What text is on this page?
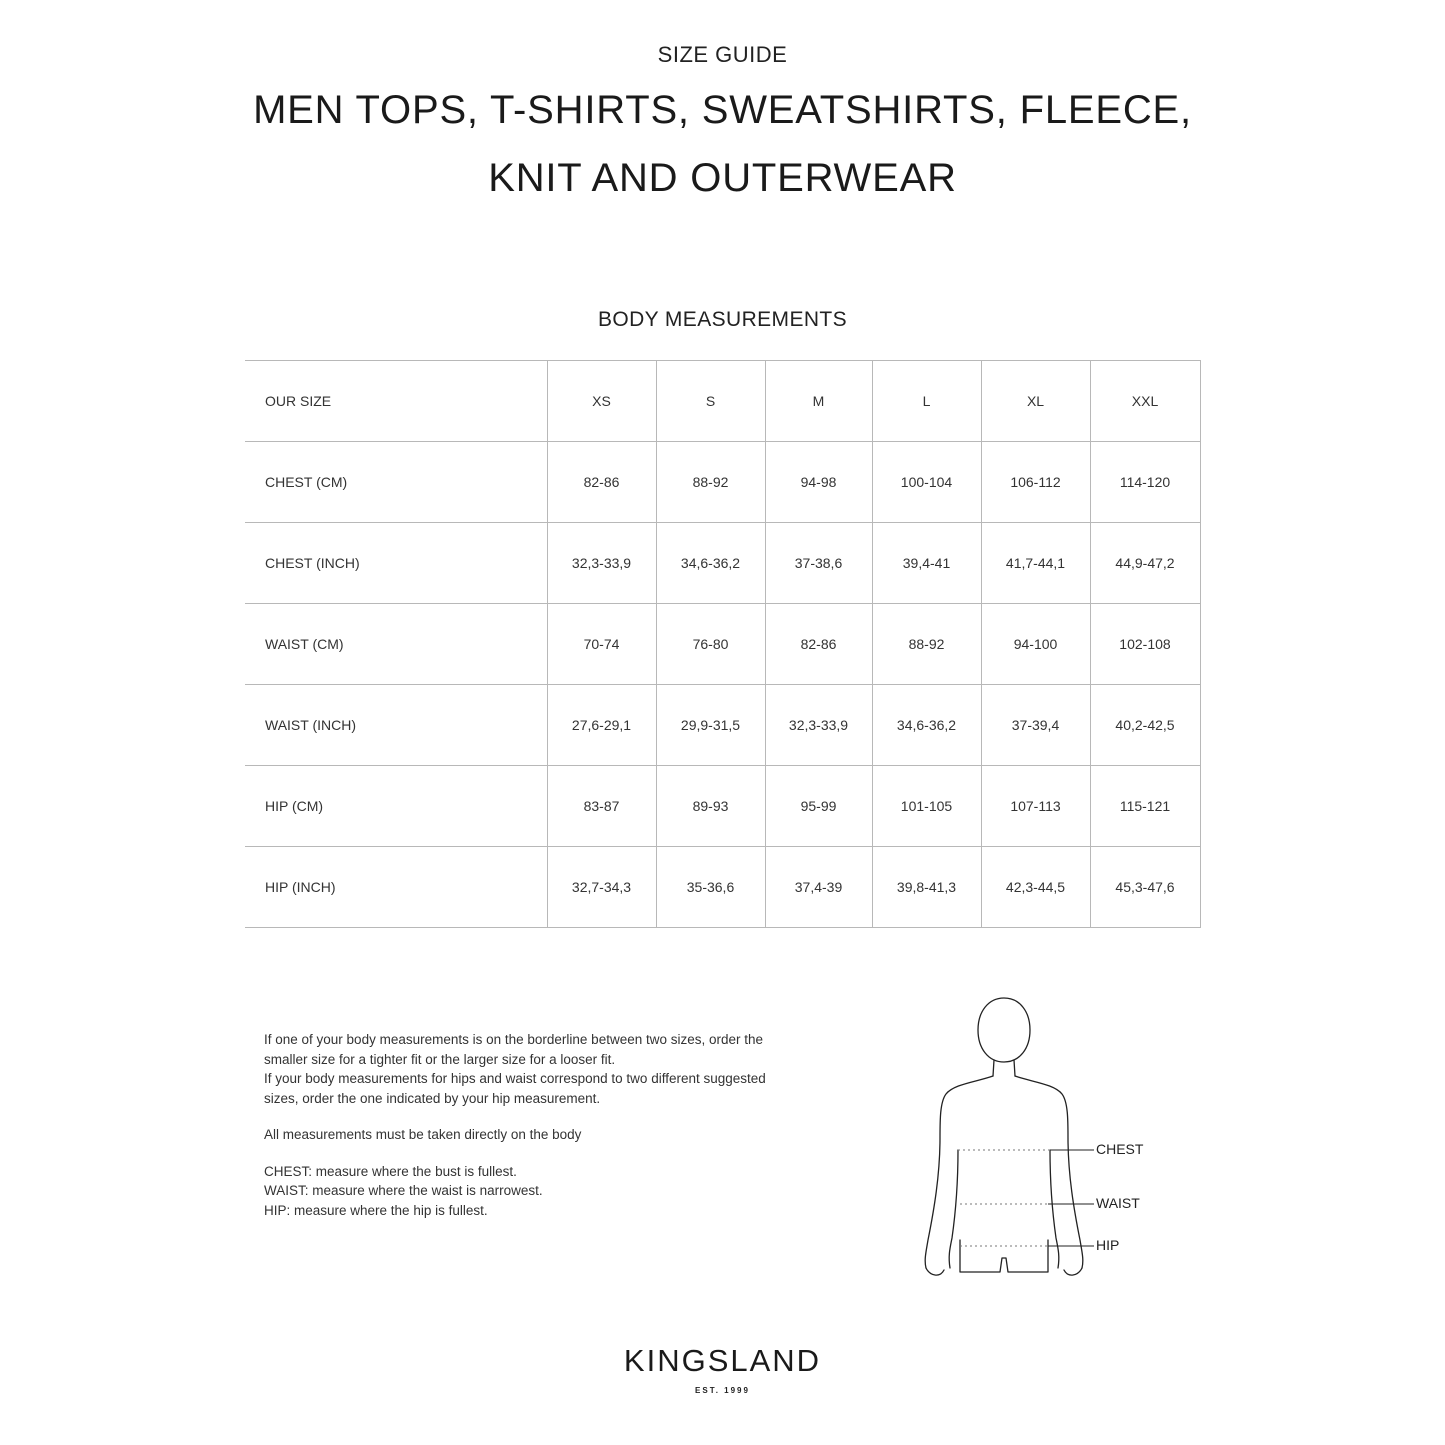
SIZE GUIDE
MEN TOPS, T-SHIRTS, SWEATSHIRTS, FLEECE,
KNIT AND OUTERWEAR
BODY MEASUREMENTS
OUR SIZE	XS	S	M	L	XL	XXL
CHEST (CM)	82-86	88-92	94-98	100-104	106-112	114-120
CHEST (INCH)	32,3-33,9	34,6-36,2	37-38,6	39,4-41	41,7-44,1	44,9-47,2
WAIST (CM)	70-74	76-80	82-86	88-92	94-100	102-108
WAIST (INCH)	27,6-29,1	29,9-31,5	32,3-33,9	34,6-36,2	37-39,4	40,2-42,5
HIP (CM)	83-87	89-93	95-99	101-105	107-113	115-121
HIP (INCH)	32,7-34,3	35-36,6	37,4-39	39,8-41,3	42,3-44,5	45,3-47,6

If one of your body measurements is on the borderline between two sizes, order the

smaller size for a tighter fit or the larger size for a looser fit.

If your body measurements for hips and waist correspond to two different suggested

sizes, order the one indicated by your hip measurement.

All measurements must be taken directly on the body

CHEST: measure where the bust is fullest.

WAIST: measure where the waist is narrowest.

HIP: measure where the hip is fullest.

CHEST
WAIST
HIP
KINGSLAND
EST. 1999
